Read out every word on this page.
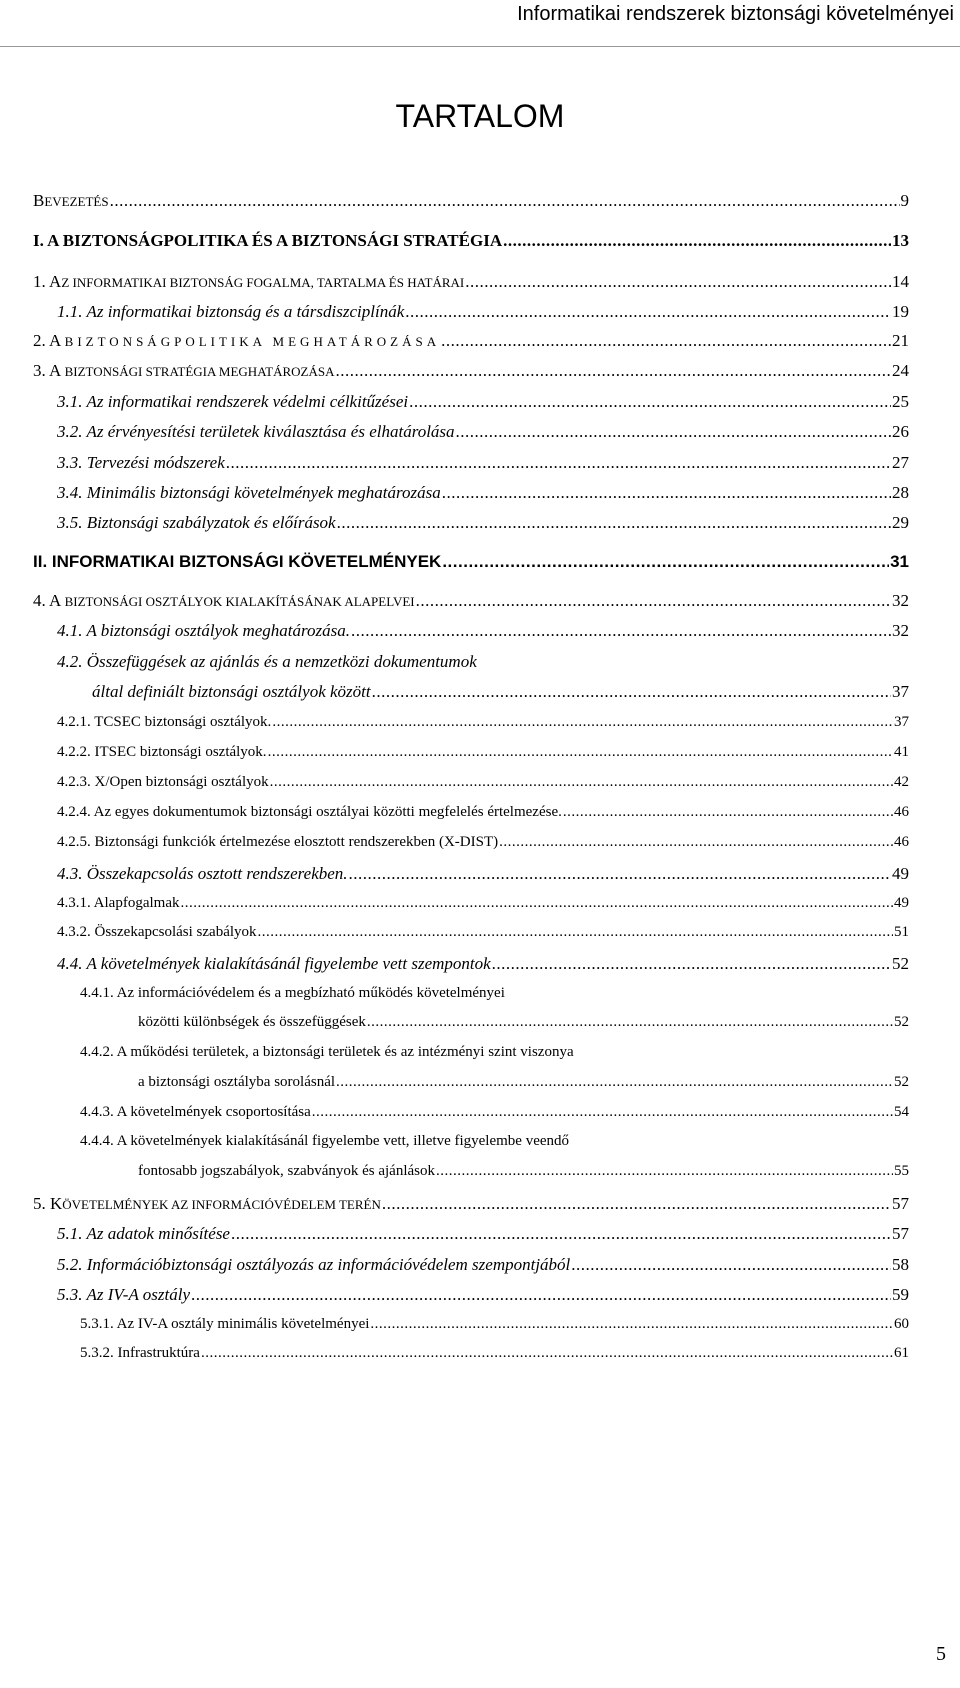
Informatikai rendszerek biztonsági követelményei
TARTALOM
BEVEZETÉS .....	9
I. A BIZTONSÁGPOLITIKA ÉS A BIZTONSÁGI STRATÉGIA .....	13
1. AZ INFORMATIKAI BIZTONSÁG FOGALMA, TARTALMA ÉS HATÁRAI .....	14
1.1. Az informatikai biztonság és a társdiszciplínák .....	19
2. A BIZTONSÁGPOLITIKA MEGHATÁROZÁSA .....	21
3. A BIZTONSÁGI STRATÉGIA MEGHATÁROZÁSA .....	24
3.1. Az informatikai rendszerek védelmi célkitűzései .....	25
3.2. Az érvényesítési területek kiválasztása és elhatárolása .....	26
3.3. Tervezési módszerek .....	27
3.4. Minimális biztonsági követelmények meghatározása .....	28
3.5. Biztonsági szabályzatok és előírások .....	29
II. INFORMATIKAI BIZTONSÁGI KÖVETELMÉNYEK .....	31
4. A BIZTONSÁGI OSZTÁLYOK KIALAKÍTÁSÁNAK ALAPELVEI .....	32
4.1. A biztonsági osztályok meghatározása. .....	32
4.2. Összefüggések az ajánlás és a nemzetközi dokumentumok
által definiált biztonsági osztályok között .....	37
4.2.1. TCSEC biztonsági osztályok. .....	37
4.2.2. ITSEC biztonsági osztályok. .....	41
4.2.3. X/Open biztonsági osztályok .....	42
4.2.4. Az egyes dokumentumok biztonsági osztályai közötti megfelelés értelmezése. .....	46
4.2.5. Biztonsági funkciók értelmezése elosztott rendszerekben (X-DIST) .....	46
4.3. Összekapcsolás osztott rendszerekben. .....	49
4.3.1. Alapfogalmak .....	49
4.3.2. Összekapcsolási szabályok .....	51
4.4. A követelmények kialakításánál figyelembe vett szempontok .....	52
4.4.1. Az információvédelem és a megbízható működés követelményei
közötti különbségek és összefüggések .....	52
4.4.2. A működési területek, a biztonsági területek és az intézményi szint viszonya
a biztonsági osztályba sorolásnál .....	52
4.4.3. A követelmények csoportosítása .....	54
4.4.4. A követelmények kialakításánál figyelembe vett, illetve figyelembe veendő
fontosabb jogszabályok, szabványok és ajánlások .....	55
5. KÖVETELMÉNYEK AZ INFORMÁCIÓVÉDELEM TERÉN .....	57
5.1. Az adatok minősítése .....	57
5.2. Információbiztonsági osztályozás az információvédelem szempontjából .....	58
5.3. Az IV-A osztály .....	59
5.3.1. Az IV-A osztály minimális követelményei .....	60
5.3.2. Infrastruktúra .....	61
5
